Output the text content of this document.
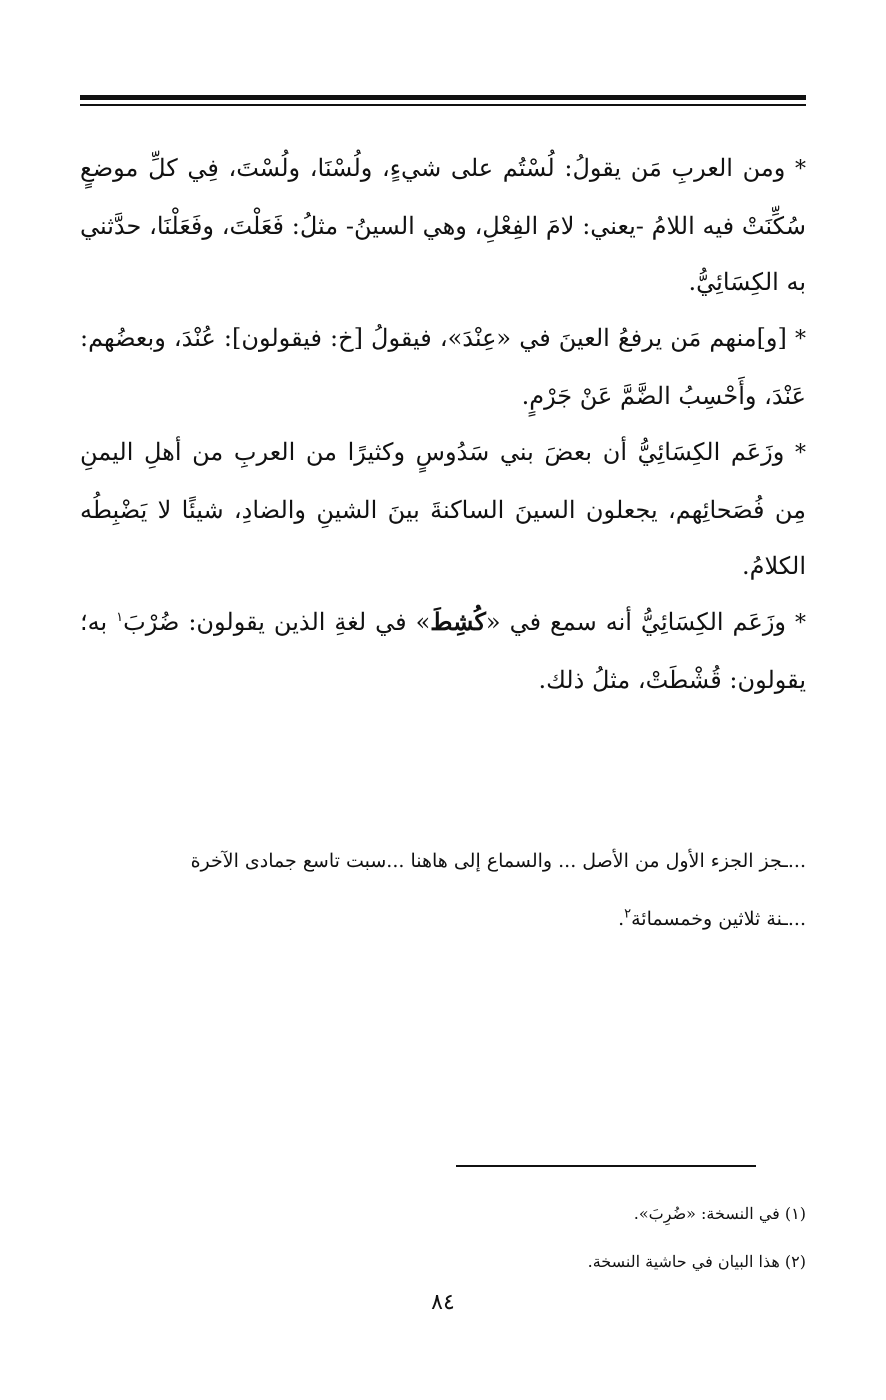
* ومن العربِ مَن يقولُ: لُسْتُم على شيءٍ، ولُسْنَا، ولُسْتَ، فِي كلِّ موضعٍ سُكِّنَتْ فيه اللامُ -يعني: لامَ الفِعْلِ، وهي السينُ- مثلُ: فَعَلْتَ، وفَعَلْنَا، حدَّثني به الكِسَائِيُّ.

* [و]منهم مَن يرفعُ العينَ في «عِنْدَ»، فيقولُ [خ: فيقولون]: عُنْدَ، وبعضُهم: عَنْدَ، وأَحْسِبُ الضَّمَّ عَنْ جَرْمٍ.

* وزَعَم الكِسَائِيُّ أن بعضَ بني سَدُوسٍ وكثيرًا من العربِ من أهلِ اليمنِ مِن فُصَحائِهم، يجعلون السينَ الساكنةَ بينَ الشينِ والضادِ، شيئًا لا يَضْبِطُه الكلامُ.

* وزَعَم الكِسَائِيُّ أنه سمع في «كُشِطَ» في لغةِ الذين يقولون: ضُرْبَ$^١$ به؛ يقولون: قُشْطَتْ، مثلُ ذلك.

...ـجز الجزء الأول من الأصل ... والسماع إلى هاهنا ...سبت تاسع جمادى الآخرة

...ـنة ثلاثين وخمسمائة$^٢$.

(١) في النسخة: «ضُرِبَ».

(٢) هذا البيان في حاشية النسخة.

٨٤
